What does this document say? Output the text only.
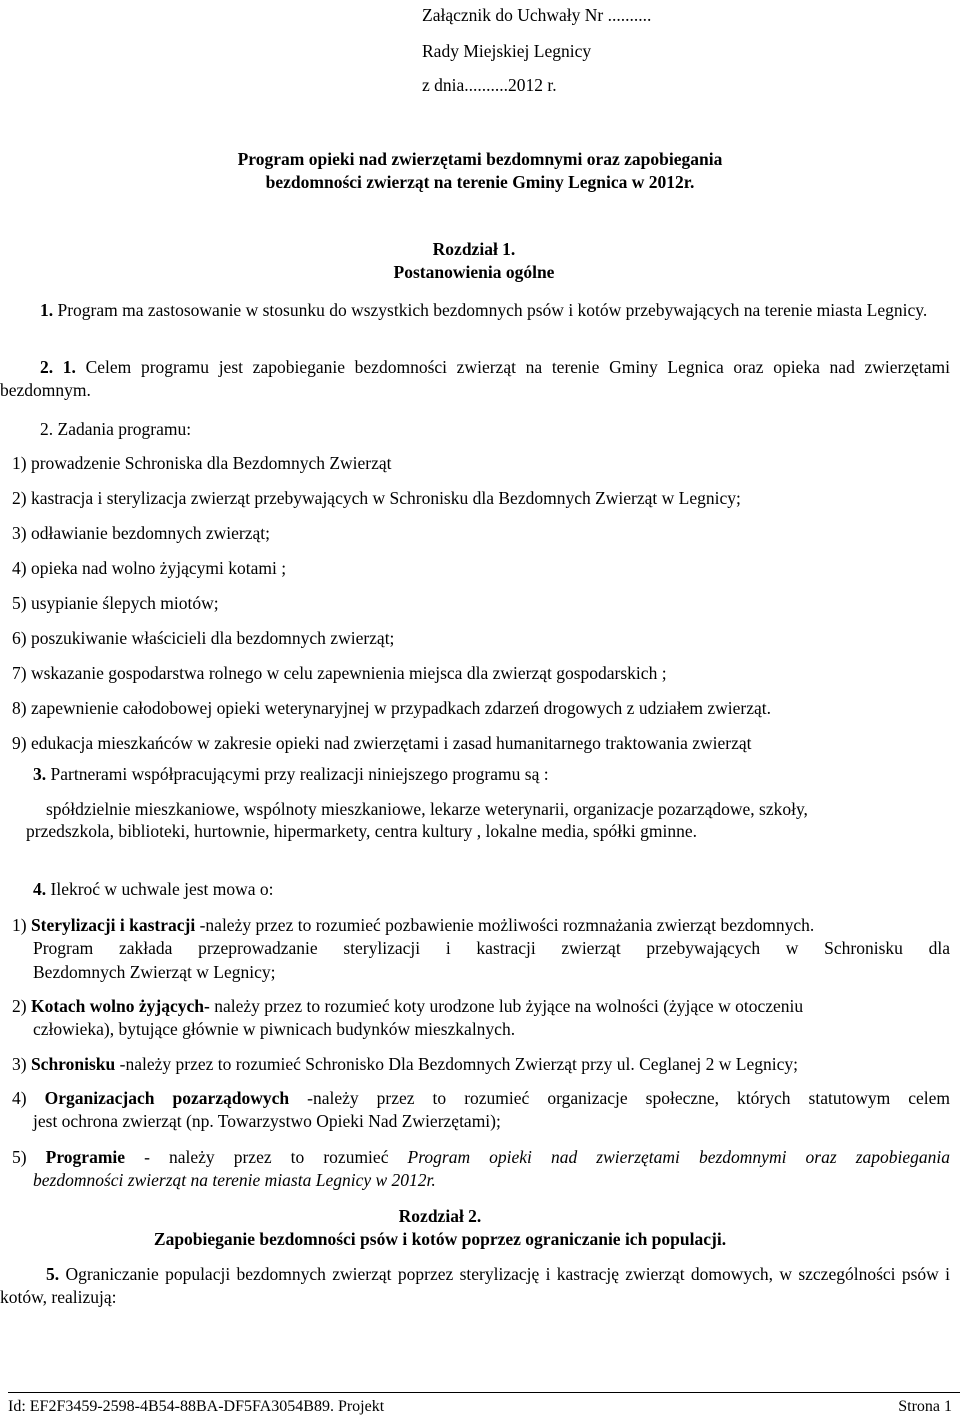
Załącznik do Uchwały Nr ..........
Rady Miejskiej Legnicy
z dnia..........2012 r.
Program opieki nad zwierzętami bezdomnymi oraz zapobiegania
bezdomności zwierząt na terenie Gminy Legnica w 2012r.
Rozdział 1.
Postanowienia ogólne
1. Program ma zastosowanie w stosunku do wszystkich bezdomnych psów i kotów przebywających na terenie miasta Legnicy.
2. 1. Celem programu jest zapobieganie bezdomności zwierząt na terenie Gminy Legnica oraz opieka nad zwierzętami bezdomnym.
2. Zadania programu:
1) prowadzenie Schroniska dla Bezdomnych Zwierząt
2) kastracja i sterylizacja zwierząt przebywających w Schronisku dla Bezdomnych Zwierząt w Legnicy;
3) odławianie bezdomnych zwierząt;
4) opieka nad wolno żyjącymi kotami ;
5) usypianie ślepych miotów;
6) poszukiwanie właścicieli dla bezdomnych zwierząt;
7) wskazanie gospodarstwa rolnego w celu zapewnienia miejsca dla zwierząt gospodarskich ;
8) zapewnienie całodobowej opieki weterynaryjnej w przypadkach zdarzeń drogowych z udziałem zwierząt.
9) edukacja mieszkańców w zakresie opieki nad zwierzętami i zasad humanitarnego traktowania zwierząt
3. Partnerami współpracującymi przy realizacji niniejszego programu są :
spółdzielnie mieszkaniowe, wspólnoty mieszkaniowe, lekarze weterynarii, organizacje pozarządowe, szkoły,
przedszkola, biblioteki, hurtownie, hipermarkety, centra kultury , lokalne media, spółki gminne.
4. Ilekroć w uchwale jest mowa o:
1) Sterylizacji i kastracji -należy przez to rozumieć pozbawienie możliwości rozmnażania zwierząt bezdomnych.
Program zakłada przeprowadzanie sterylizacji i kastracji zwierząt przebywających w Schronisku dla
Bezdomnych Zwierząt w Legnicy;
2) Kotach wolno żyjących- należy przez to rozumieć koty urodzone lub żyjące na wolności (żyjące w otoczeniu
człowieka), bytujące głównie w piwnicach budynków mieszkalnych.
3) Schronisku -należy przez to rozumieć Schronisko Dla Bezdomnych Zwierząt przy ul. Ceglanej 2 w Legnicy;
4) Organizacjach pozarządowych -należy przez to rozumieć organizacje społeczne, których statutowym celem
jest ochrona zwierząt (np. Towarzystwo Opieki Nad Zwierzętami);
5) Programie - należy przez to rozumieć Program opieki nad zwierzętami bezdomnymi oraz zapobiegania
bezdomności zwierząt na terenie miasta Legnicy w 2012r.
Rozdział 2.
Zapobieganie bezdomności psów i kotów poprzez ograniczanie ich populacji.
5. Ograniczanie populacji bezdomnych zwierząt poprzez sterylizację i kastrację zwierząt domowych, w szczególności psów i kotów, realizują:
Id: EF2F3459-2598-4B54-88BA-DF5FA3054B89. Projekt	Strona 1
